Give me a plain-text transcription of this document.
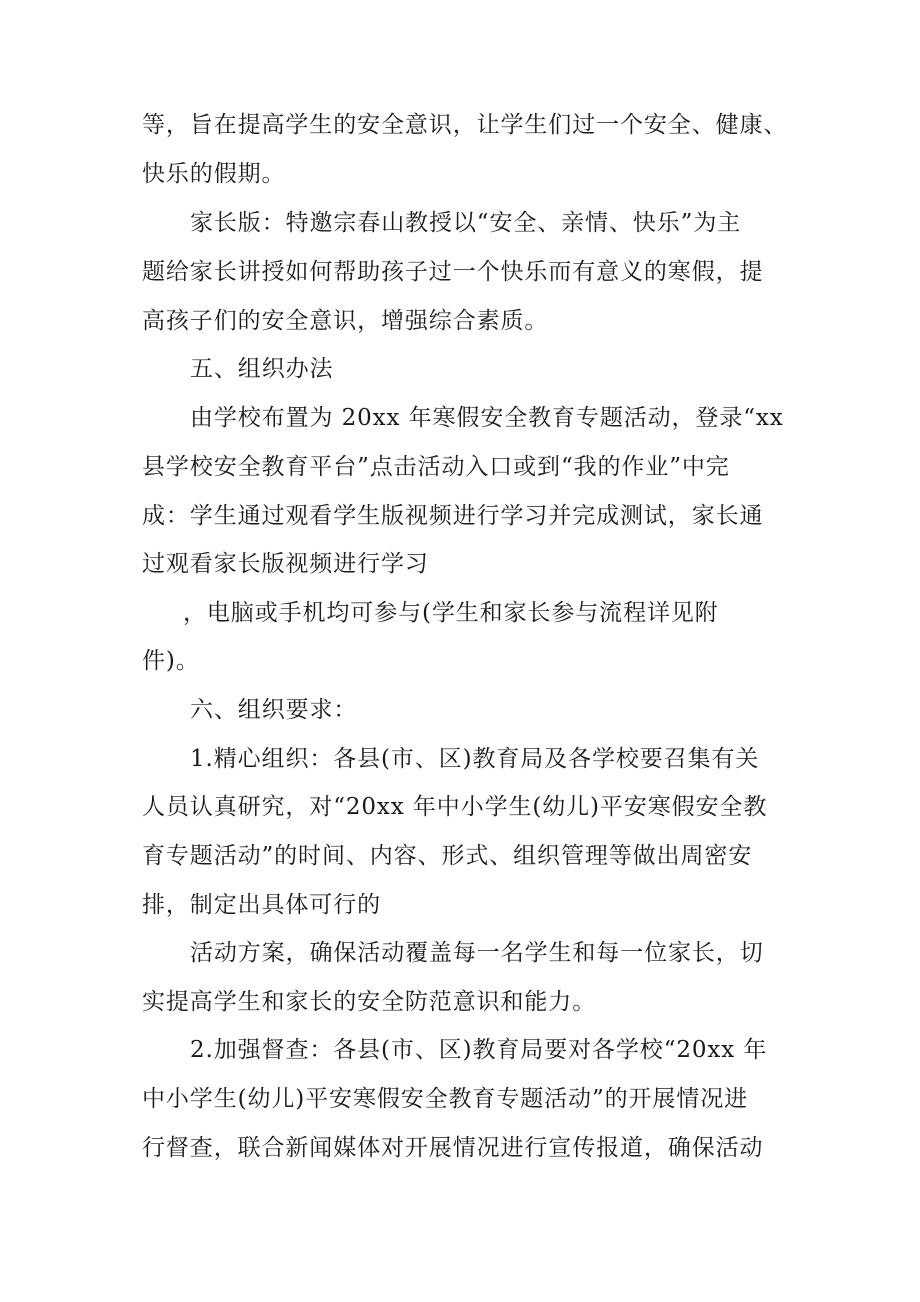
等，旨在提高学生的安全意识，让学生们过一个安全、健康、
快乐的假期。
家长版：特邀宗春山教授以“安全、亲情、快乐”为主
题给家长讲授如何帮助孩子过一个快乐而有意义的寒假，提
高孩子们的安全意识，增强综合素质。
五、组织办法
由学校布置为 20xx 年寒假安全教育专题活动，登录“xx
县学校安全教育平台”点击活动入口或到“我的作业”中完
成：学生通过观看学生版视频进行学习并完成测试，家长通
过观看家长版视频进行学习
，电脑或手机均可参与(学生和家长参与流程详见附
件)。
六、组织要求：
1.精心组织：各县(市、区)教育局及各学校要召集有关
人员认真研究，对“20xx 年中小学生(幼儿)平安寒假安全教
育专题活动”的时间、内容、形式、组织管理等做出周密安
排，制定出具体可行的
活动方案，确保活动覆盖每一名学生和每一位家长，切
实提高学生和家长的安全防范意识和能力。
2.加强督查：各县(市、区)教育局要对各学校“20xx 年
中小学生(幼儿)平安寒假安全教育专题活动”的开展情况进
行督查，联合新闻媒体对开展情况进行宣传报道，确保活动
